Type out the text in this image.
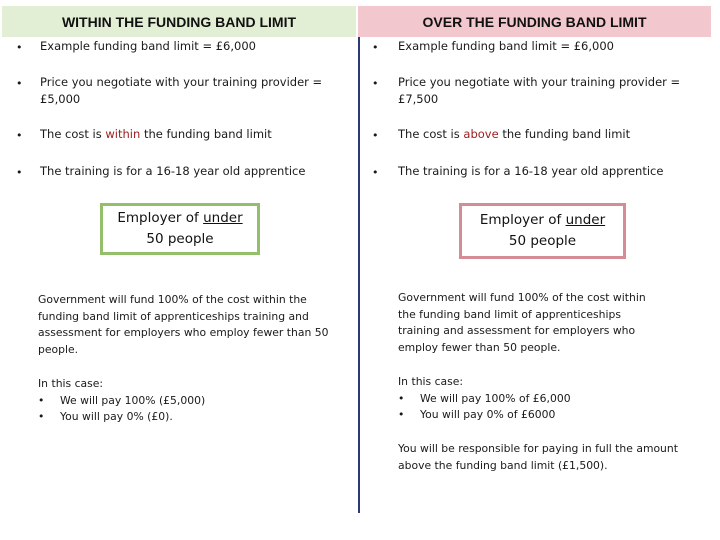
WITHIN THE FUNDING BAND LIMIT	OVER THE FUNDING BAND LIMIT
• Example funding band limit = £6,000
• Price you negotiate with your training provider =
£5,000
• The cost is within the funding band limit
• The training is for a 16-18 year old apprentice
Employer of under
50 people
Government will fund 100% of the cost within the funding band limit of apprenticeships training and assessment for employers who employ fewer than 50 people.
In this case:
• We will pay 100% (£5,000)
• You will pay 0% (£0).
• Example funding band limit = £6,000
• Price you negotiate with your training provider =
£7,500
• The cost is above the funding band limit
• The training is for a 16-18 year old apprentice
Employer of under
50 people
Government will fund 100% of the cost within the funding band limit of apprenticeships training and assessment for employers who employ fewer than 50 people.
In this case:
• We will pay 100% of £6,000
• You will pay 0% of £6000
You will be responsible for paying in full the amount above the funding band limit (£1,500).
